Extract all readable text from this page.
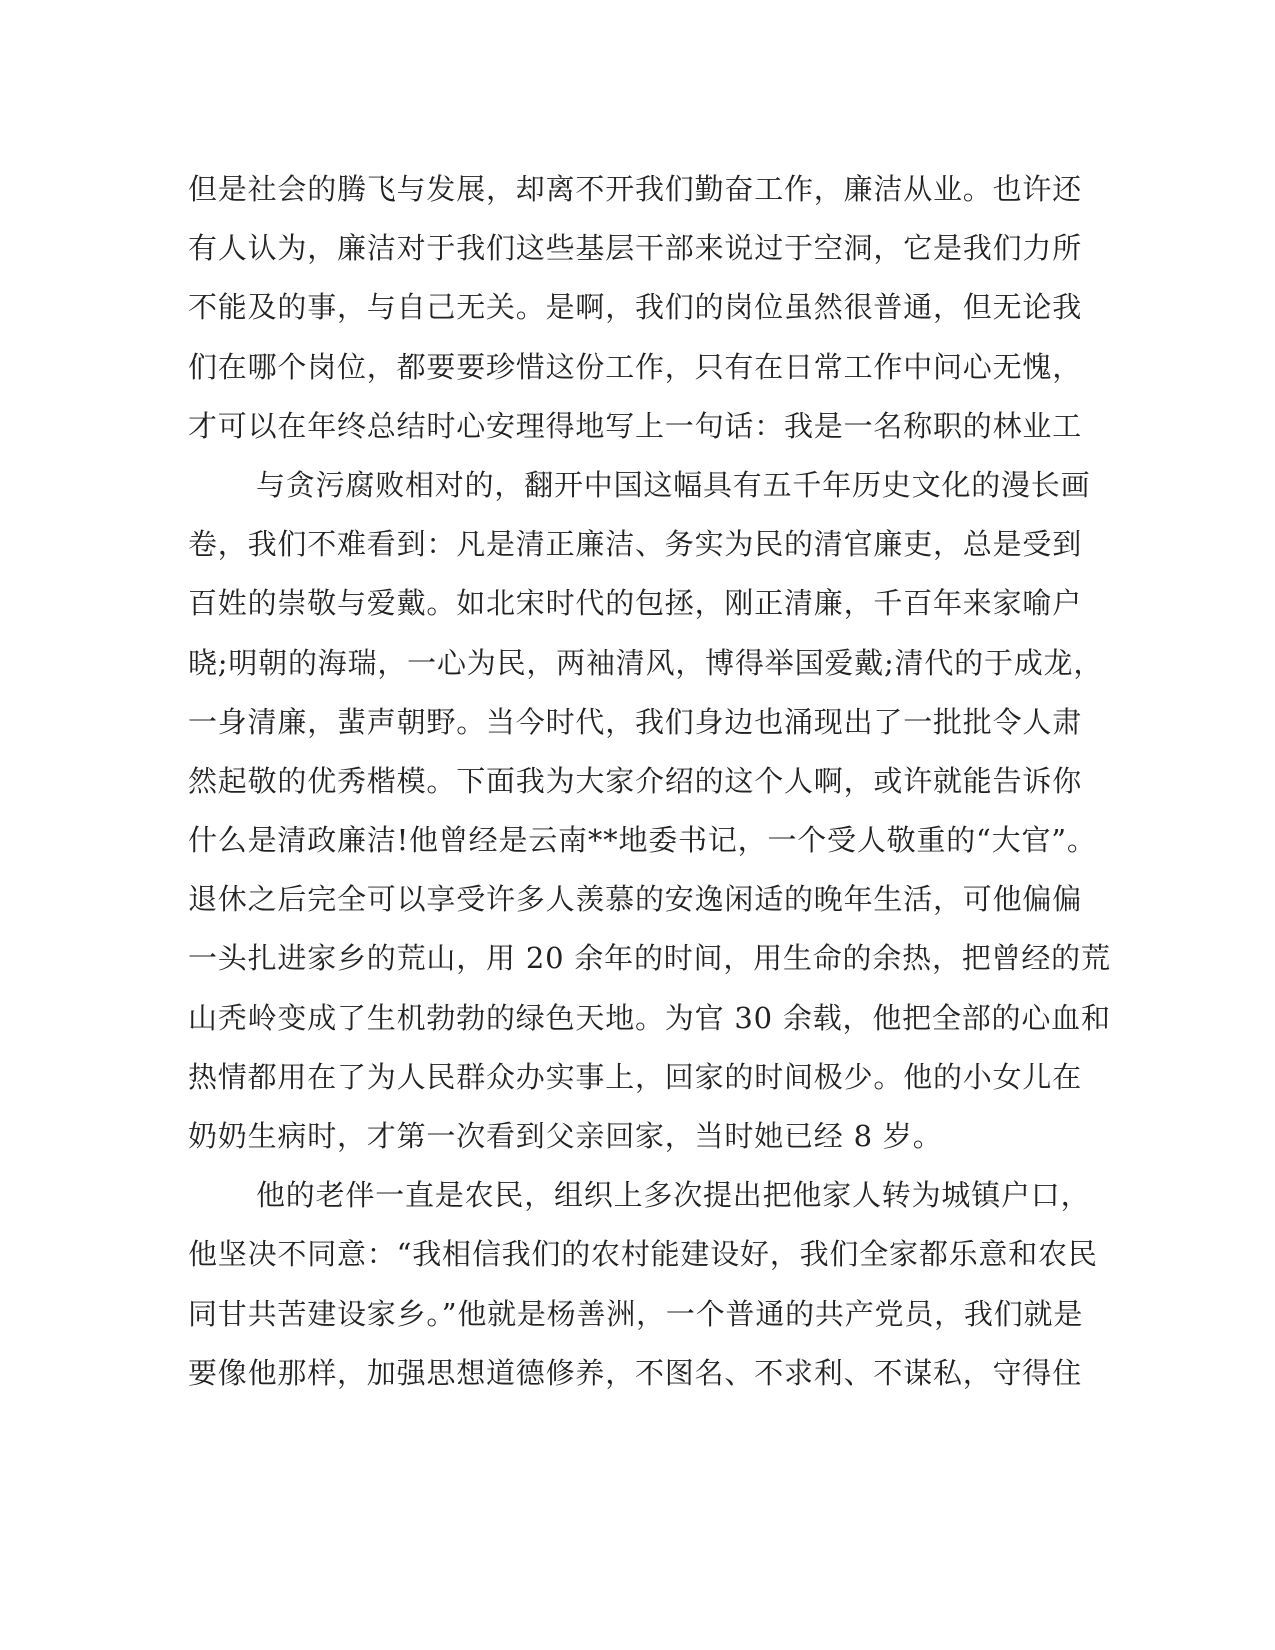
但是社会的腾飞与发展，却离不开我们勤奋工作，廉洁从业。也许还
有人认为，廉洁对于我们这些基层干部来说过于空洞，它是我们力所
不能及的事，与自己无关。是啊，我们的岗位虽然很普通，但无论我
们在哪个岗位，都要要珍惜这份工作，只有在日常工作中问心无愧，
才可以在年终总结时心安理得地写上一句话：我是一名称职的林业工
与贪污腐败相对的，翻开中国这幅具有五千年历史文化的漫长画
卷，我们不难看到：凡是清正廉洁、务实为民的清官廉吏，总是受到
百姓的崇敬与爱戴。如北宋时代的包拯，刚正清廉，千百年来家喻户
晓;明朝的海瑞，一心为民，两袖清风，博得举国爱戴;清代的于成龙，
一身清廉，蜚声朝野。当今时代，我们身边也涌现出了一批批令人肃
然起敬的优秀楷模。下面我为大家介绍的这个人啊，或许就能告诉你
什么是清政廉洁!他曾经是云南**地委书记，一个受人敬重的“大官”。
退休之后完全可以享受许多人羡慕的安逸闲适的晚年生活，可他偏偏
一头扎进家乡的荒山，用 20 余年的时间，用生命的余热，把曾经的荒
山秃岭变成了生机勃勃的绿色天地。为官 30 余载，他把全部的心血和
热情都用在了为人民群众办实事上，回家的时间极少。他的小女儿在
奶奶生病时，才第一次看到父亲回家，当时她已经 8 岁。
他的老伴一直是农民，组织上多次提出把他家人转为城镇户口，
他坚决不同意：“我相信我们的农村能建设好，我们全家都乐意和农民
同甘共苦建设家乡。”他就是杨善洲，一个普通的共产党员，我们就是
要像他那样，加强思想道德修养，不图名、不求利、不谋私，守得住
